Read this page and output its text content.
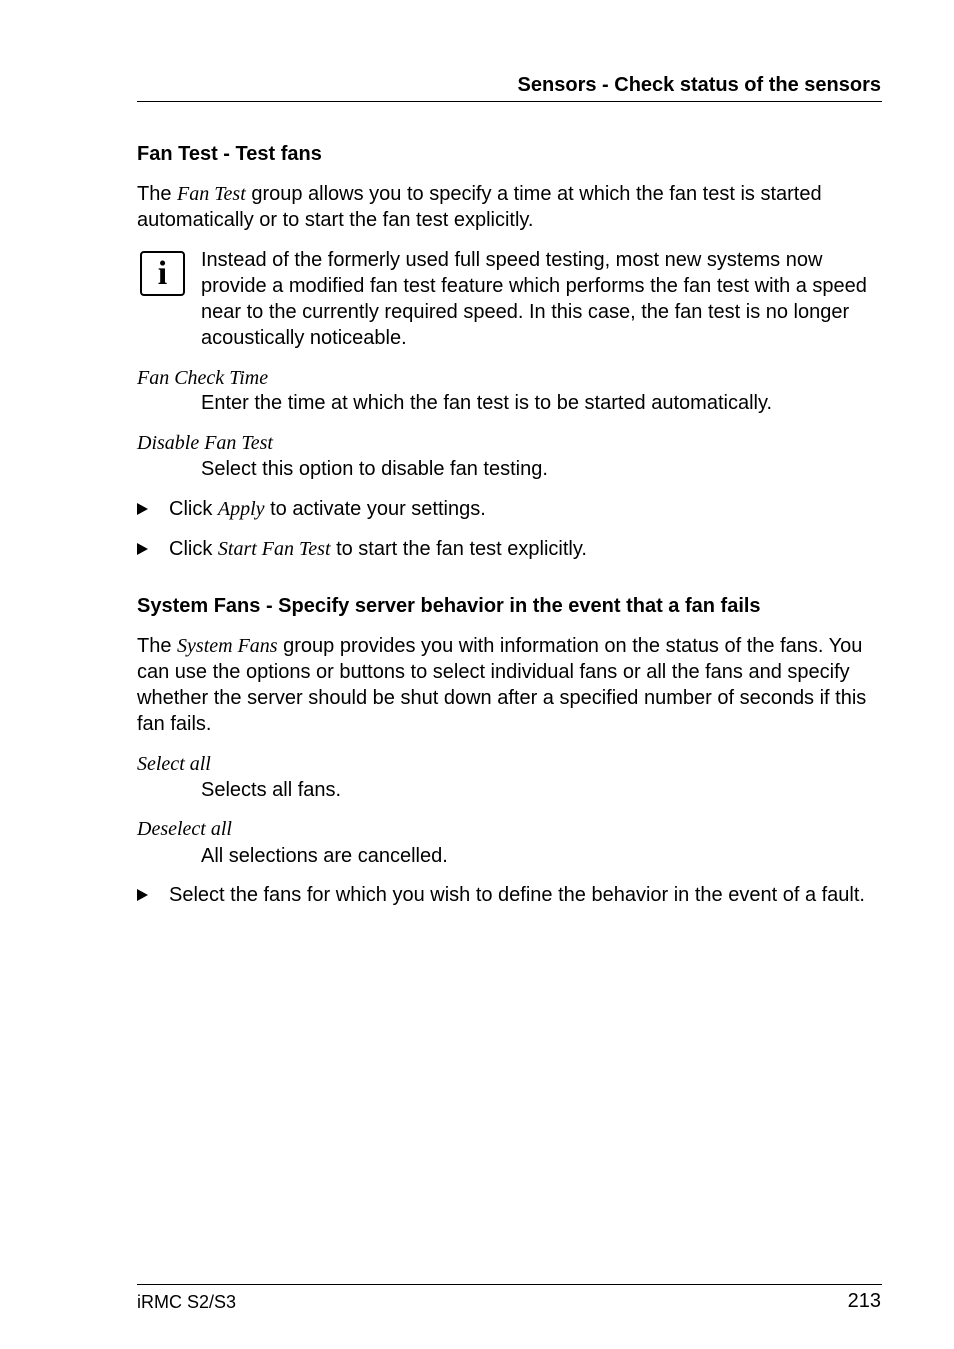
Sensors - Check status of the sensors
Fan Test - Test fans
The Fan Test group allows you to specify a time at which the fan test is started automatically or to start the fan test explicitly.
i	Instead of the formerly used full speed testing, most new systems now provide a modified fan test feature which performs the fan test with a speed near to the currently required speed. In this case, the fan test is no longer acoustically noticeable.
Fan Check Time
Enter the time at which the fan test is to be started automatically.
Disable Fan Test
Select this option to disable fan testing.
Click Apply to activate your settings.
Click Start Fan Test to start the fan test explicitly.
System Fans - Specify server behavior in the event that a fan fails
The System Fans group provides you with information on the status of the fans. You can use the options or buttons to select individual fans or all the fans and specify whether the server should be shut down after a specified number of seconds if this fan fails.
Select all
Selects all fans.
Deselect all
All selections are cancelled.
Select the fans for which you wish to define the behavior in the event of a fault.
iRMC S2/S3	213
